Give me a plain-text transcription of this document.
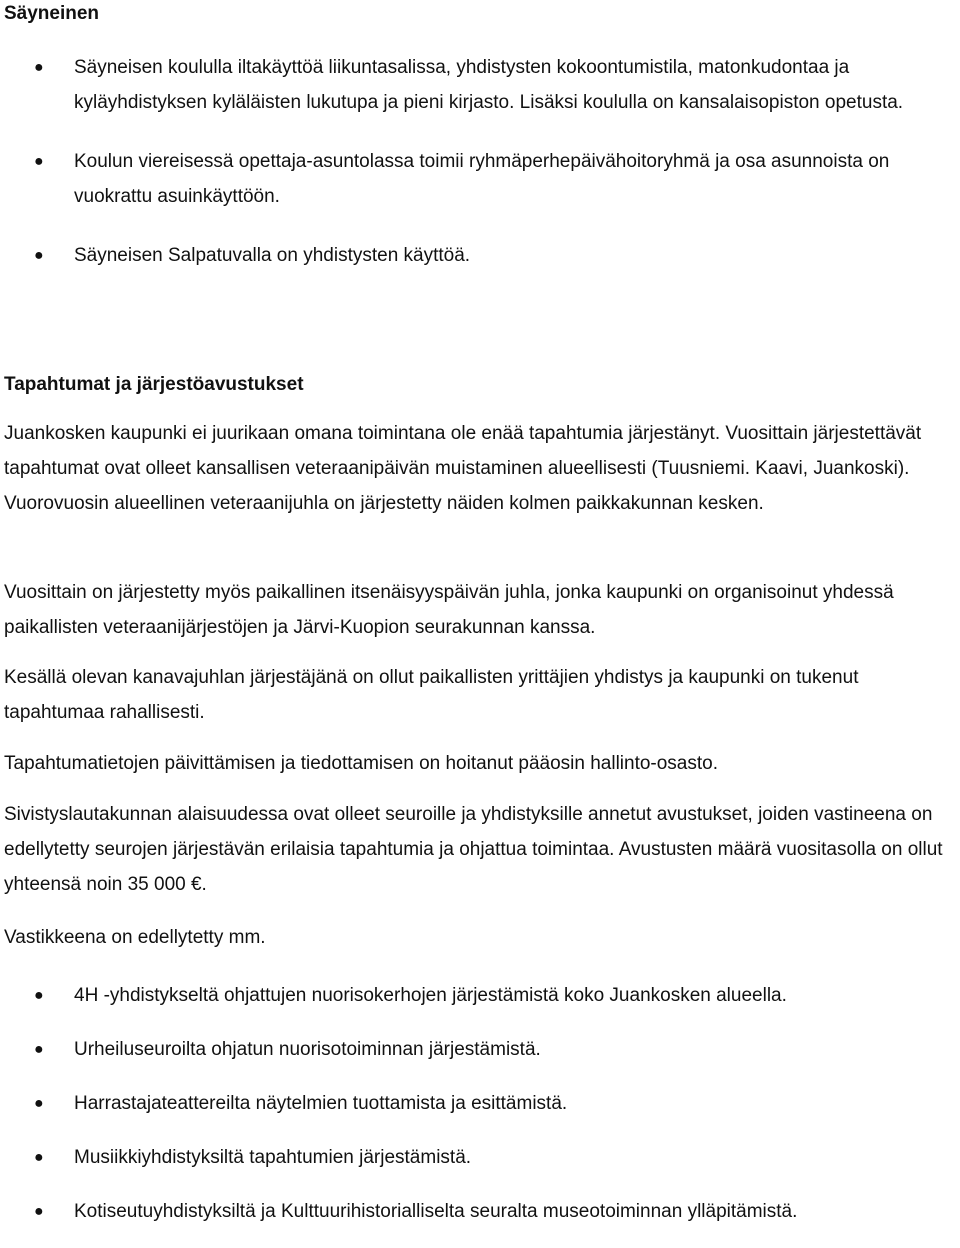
Säyneinen
● Säyneisen koululla iltakäyttöä liikuntasalissa, yhdistysten kokoontumistila, matonkudontaa ja kyläyhdistyksen kyläläisten lukutupa ja pieni kirjasto. Lisäksi koululla on kansalaisopiston opetusta.
● Koulun viereisessä opettaja-asuntolassa toimii ryhmäperhepäivähoitoryhmä ja osa asunnoista on vuokrattu asuinkäyttöön.
● Säyneisen Salpatuvalla on yhdistysten käyttöä.
Tapahtumat ja järjestöavustukset

Juankosken kaupunki ei juurikaan omana toimintana ole enää tapahtumia järjestänyt. Vuosittain järjestettävät tapahtumat ovat olleet kansallisen veteraanipäivän muistaminen alueellisesti (Tuusniemi. Kaavi, Juankoski). Vuorovuosin alueellinen veteraanijuhla on järjestetty näiden kolmen paikkakunnan kesken.

Vuosittain on järjestetty myös paikallinen itsenäisyyspäivän juhla, jonka kaupunki on organisoinut yhdessä paikallisten veteraanijärjestöjen ja Järvi-Kuopion seurakunnan kanssa.

Kesällä olevan kanavajuhlan järjestäjänä on ollut paikallisten yrittäjien yhdistys ja kaupunki on tukenut tapahtumaa rahallisesti.

Tapahtumatietojen päivittämisen ja tiedottamisen on hoitanut pääosin hallinto-osasto.

Sivistyslautakunnan alaisuudessa ovat olleet seuroille ja yhdistyksille annetut avustukset, joiden vastineena on edellytetty seurojen järjestävän erilaisia tapahtumia ja ohjattua toimintaa. Avustusten määrä vuositasolla on ollut yhteensä noin 35 000 €.

Vastikkeena on edellytetty mm.

● 4H -yhdistykseltä ohjattujen nuorisokerhojen järjestämistä koko Juankosken alueella.
● Urheiluseuroilta ohjatun nuorisotoiminnan järjestämistä.
● Harrastajateattereilta näytelmien tuottamista ja esittämistä.
● Musiikkiyhdistyksiltä tapahtumien järjestämistä.
● Kotiseutuyhdistyksiltä ja Kulttuurihistorialliselta seuralta museotoiminnan ylläpitämistä.
